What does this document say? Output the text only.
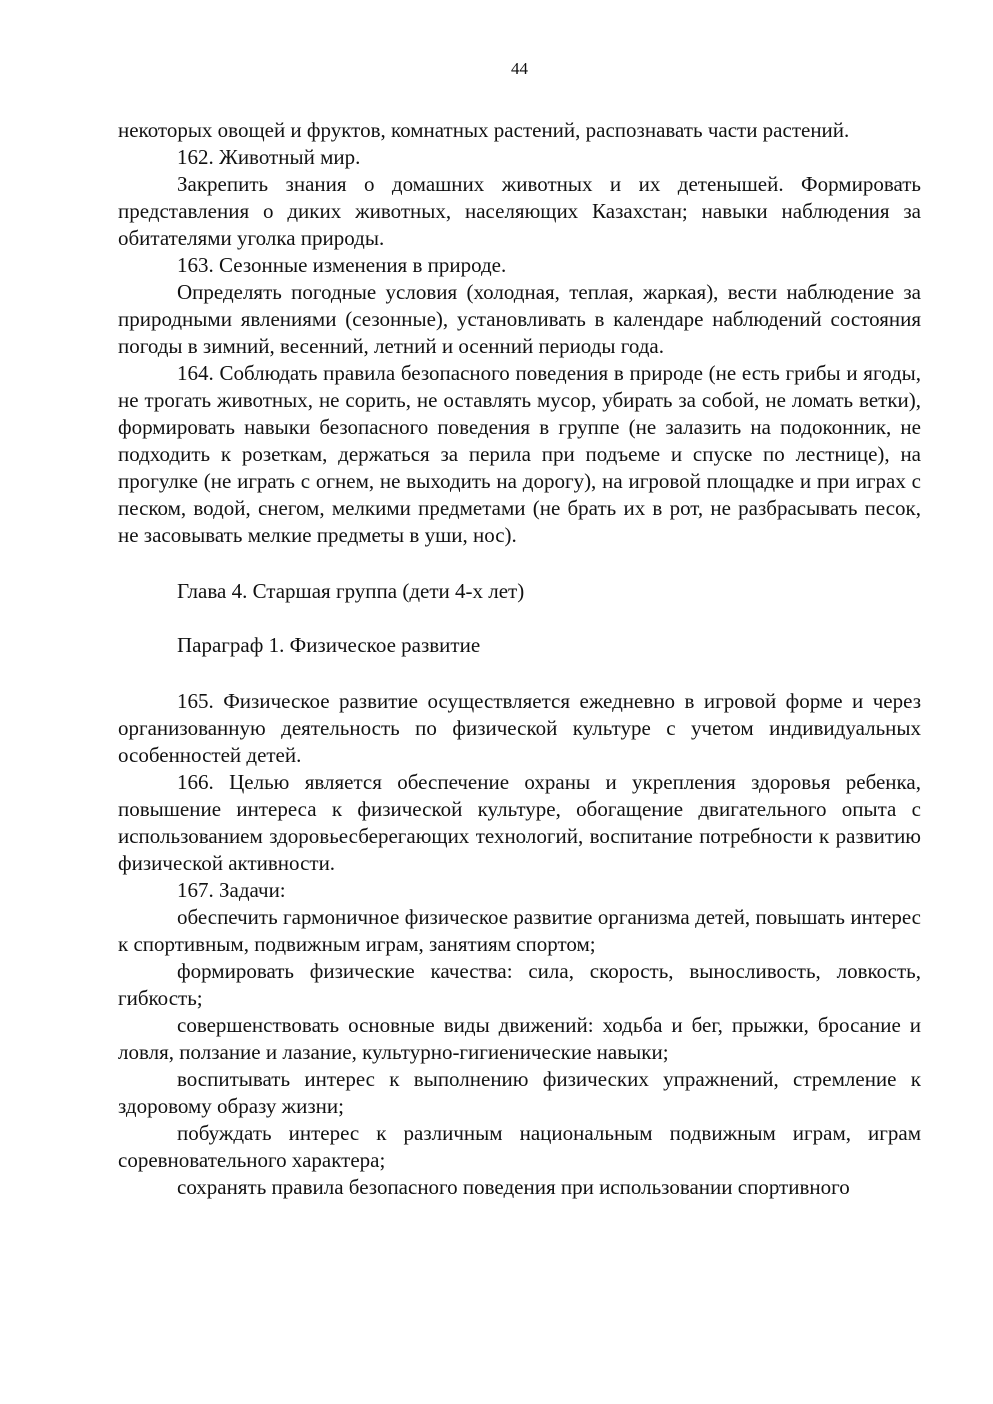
44

некоторых овощей и фруктов, комнатных растений, распознавать части растений.

162. Животный мир.

Закрепить знания о домашних животных и их детенышей. Формировать представления о диких животных, населяющих Казахстан; навыки наблюдения за обитателями уголка природы.

163. Сезонные изменения в природе.

Определять погодные условия (холодная, теплая, жаркая), вести наблюдение за природными явлениями (сезонные), установливать в календаре наблюдений состояния погоды в зимний, весенний, летний и осенний периоды года.

164. Соблюдать правила безопасного поведения в природе (не есть грибы и ягоды, не трогать животных, не сорить, не оставлять мусор, убирать за собой, не ломать ветки), формировать навыки безопасного поведения в группе (не залазить на подоконник, не подходить к розеткам, держаться за перила при подъеме и спуске по лестнице), на прогулке (не играть с огнем, не выходить на дорогу), на игровой площадке и при играх с песком, водой, снегом, мелкими предметами (не брать их в рот, не разбрасывать песок, не засовывать мелкие предметы в уши, нос).

Глава 4. Старшая группа (дети 4-х лет)

Параграф 1. Физическое развитие

165. Физическое развитие осуществляется ежедневно в игровой форме и через организованную деятельность по физической культуре с учетом индивидуальных особенностей детей.

166. Целью является обеспечение охраны и укрепления здоровья ребенка, повышение интереса к физической культуре, обогащение двигательного опыта с использованием здоровьесберегающих технологий, воспитание потребности к развитию физической активности.

167. Задачи:

обеспечить гармоничное физическое развитие организма детей, повышать интерес к спортивным, подвижным играм, занятиям спортом;

формировать физические качества: сила, скорость, выносливость, ловкость, гибкость;

совершенствовать основные виды движений: ходьба и бег, прыжки, бросание и ловля, ползание и лазание, культурно-гигиенические навыки;

воспитывать интерес к выполнению физических упражнений, стремление к здоровому образу жизни;

побуждать интерес к различным национальным подвижным играм, играм соревновательного характера;

сохранять правила безопасного поведения при использовании спортивного
